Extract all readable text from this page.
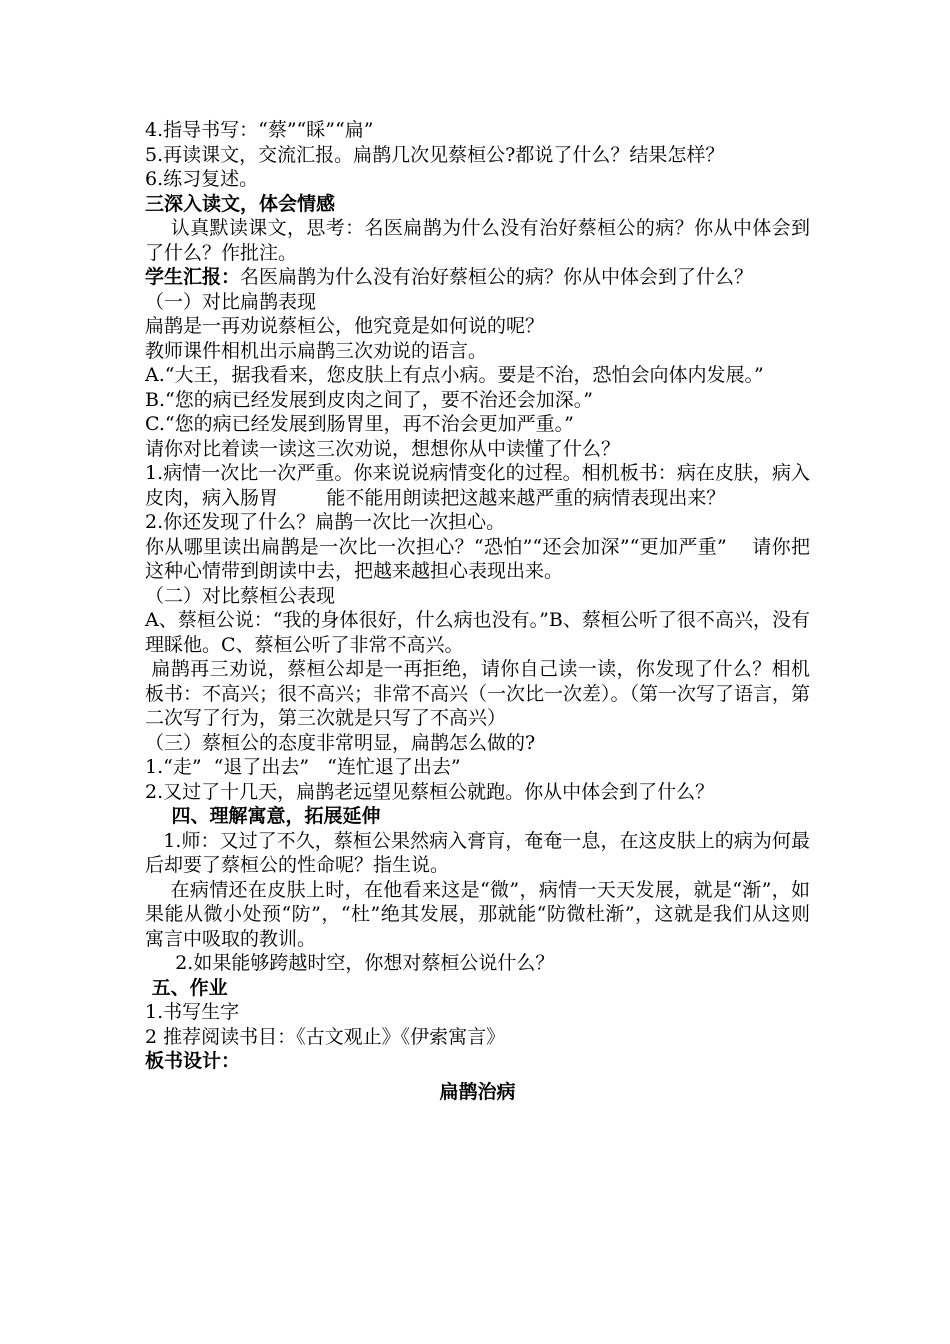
4.指导书写：“蔡”“睬”“扁”
5.再读课文，交流汇报。扁鹊几次见蔡桓公?都说了什么？结果怎样？
6.练习复述。
三深入读文，体会情感
认真默读课文，思考：名医扁鹊为什么没有治好蔡桓公的病？你从中体会到了什么？作批注。
学生汇报：名医扁鹊为什么没有治好蔡桓公的病？你从中体会到了什么？
（一）对比扁鹊表现
扁鹊是一再劝说蔡桓公，他究竟是如何说的呢？
教师课件相机出示扁鹊三次劝说的语言。
A.“大王，据我看来，您皮肤上有点小病。要是不治，恐怕会向体内发展。”
B.“您的病已经发展到皮肉之间了，要不治还会加深。”
C.“您的病已经发展到肠胃里，再不治会更加严重。”
请你对比着读一读这三次劝说，想想你从中读懂了什么？
1.病情一次比一次严重。你来说说病情变化的过程。相机板书：病在皮肤，病入皮肉，病入肠胃        能不能用朗读把这越来越严重的病情表现出来？
2.你还发现了什么？扁鹊一次比一次担心。
你从哪里读出扁鹊是一次比一次担心？“恐怕”“还会加深”“更加严重”    请你把这种心情带到朗读中去，把越来越担心表现出来。
（二）对比蔡桓公表现
A、蔡桓公说：“我的身体很好，什么病也没有。”B、蔡桓公听了很不高兴，没有理睬他。C、蔡桓公听了非常不高兴。
扁鹊再三劝说，蔡桓公却是一再拒绝，请你自己读一读，你发现了什么？相机板书：不高兴；很不高兴；非常不高兴（一次比一次差）。（第一次写了语言，第二次写了行为，第三次就是只写了不高兴）
（三）蔡桓公的态度非常明显，扁鹊怎么做的?
1.“走”  “退了出去”   “连忙退了出去”
2.又过了十几天，扁鹊老远望见蔡桓公就跑。你从中体会到了什么？
四、理解寓意，拓展延伸
1.师：又过了不久，蔡桓公果然病入膏肓，奄奄一息，在这皮肤上的病为何最后却要了蔡桓公的性命呢？指生说。
在病情还在皮肤上时，在他看来这是“微”，病情一天天发展，就是“渐”，如果能从微小处预“防”，“杜”绝其发展，那就能“防微杜渐”，这就是我们从这则寓言中吸取的教训。
2.如果能够跨越时空，你想对蔡桓公说什么？
五、作业
1.书写生字
2 推荐阅读书目：《古文观止》《伊索寓言》
板书设计：
扁鹊治病
